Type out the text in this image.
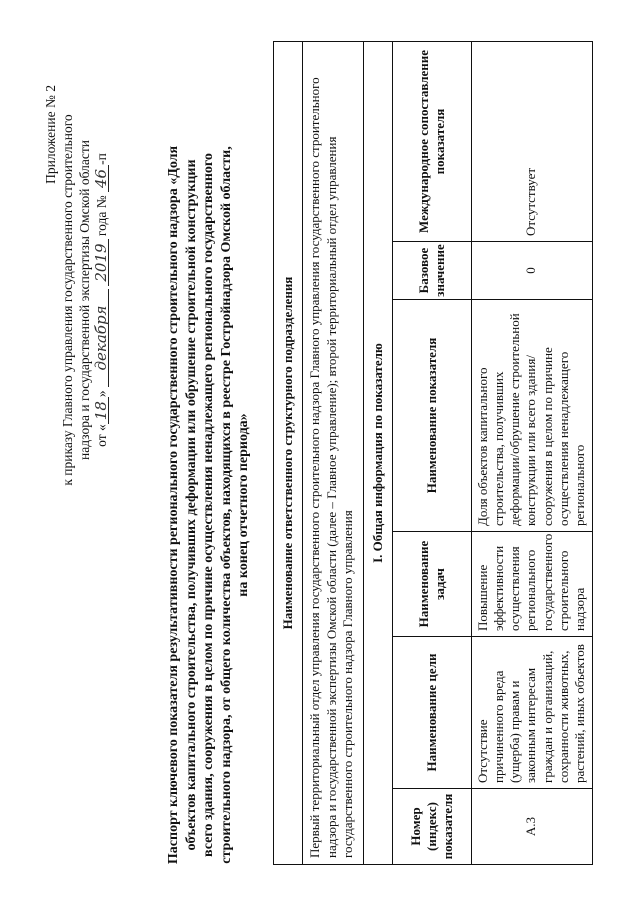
Приложение № 2 к приказу Главного управления государственного строительного надзора и государственной экспертизы Омской области от «18» декабря 2019 года № 46-п	Паспорт ключевого показателя результативности регионального государственного строительного надзора «Доля объектов капитального строительства, получивших деформации или обрушение строительной конструкции всего здания, сооружения в целом по причине осуществления ненадлежащего регионального государственного строительного надзора, от общего количества объектов, находящихся в реестре Гостройнадзора Омской области, на конец отчетного периода»	Наименование ответственного структурного подразделения Первый территориальный отдел управления государственного строительного надзора Главного управления государственного строительного надзора и государственной экспертизы Омской области (далее – Главное управление); второй территориальный отдел управления государственного строительного надзора Главного управления
I. Общая информация по показателю
Номер (индекс) показателя
Наименование цели
Наименование задач
Наименование показателя
Базовое значение
Международное сопоставление показателя
А.3
Отсутствие причиненного вреда (ущерба) правам и законным интересам граждан и организаций, сохранности животных, растений, иных объектов
Повышение эффективности осуществления регионального государственного строительного надзора
Доля объектов капитального строительства, получивших деформации/обрушение строительной конструкции или всего здания/сооружения в целом по причине осуществления ненадлежащего регионального
0
Отсутствует
